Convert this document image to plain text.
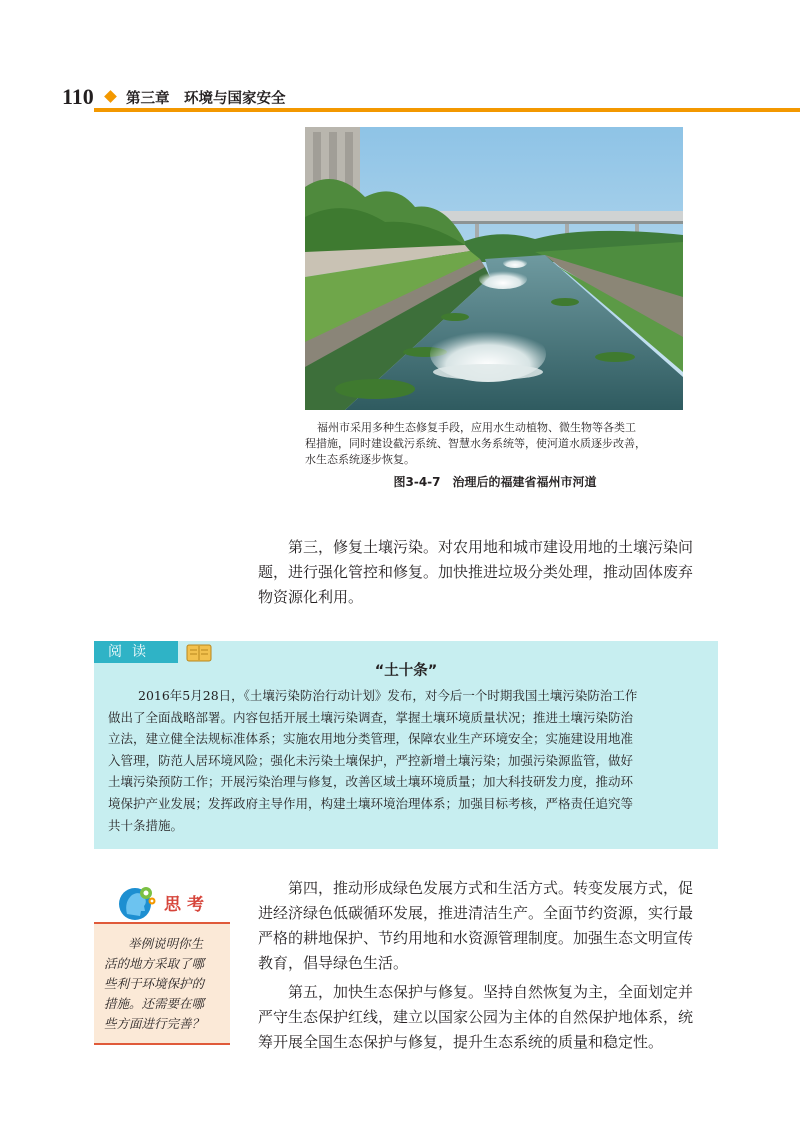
110 第三章　环境与国家安全
福州市采用多种生态修复手段，应用水生动植物、微生物等各类工
程措施，同时建设截污系统、智慧水务系统等，使河道水质逐步改善，
水生态系统逐步恢复。
图3-4-7　治理后的福建省福州市河道
第三，修复土壤污染。对农用地和城市建设用地的土壤污染问
题，进行强化管控和修复。加快推进垃圾分类处理，推动固体废弃
物资源化利用。
阅读
“土十条”
2016年5月28日，《土壤污染防治行动计划》发布，对今后一个时期我国土壤污染防治工作
做出了全面战略部署。内容包括开展土壤污染调查，掌握土壤环境质量状况；推进土壤污染防治
立法，建立健全法规标准体系；实施农用地分类管理，保障农业生产环境安全；实施建设用地准
入管理，防范人居环境风险；强化未污染土壤保护，严控新增土壤污染；加强污染源监管，做好
土壤污染预防工作；开展污染治理与修复，改善区域土壤环境质量；加大科技研发力度，推动环
境保护产业发展；发挥政府主导作用，构建土壤环境治理体系；加强目标考核，严格责任追究等
共十条措施。
思考
举例说明你生
活的地方采取了哪
些利于环境保护的
措施。还需要在哪
些方面进行完善？
第四，推动形成绿色发展方式和生活方式。转变发展方式，促
进经济绿色低碳循环发展，推进清洁生产。全面节约资源，实行最
严格的耕地保护、节约用地和水资源管理制度。加强生态文明宣传
教育，倡导绿色生活。
第五，加快生态保护与修复。坚持自然恢复为主，全面划定并
严守生态保护红线，建立以国家公园为主体的自然保护地体系，统
筹开展全国生态保护与修复，提升生态系统的质量和稳定性。
